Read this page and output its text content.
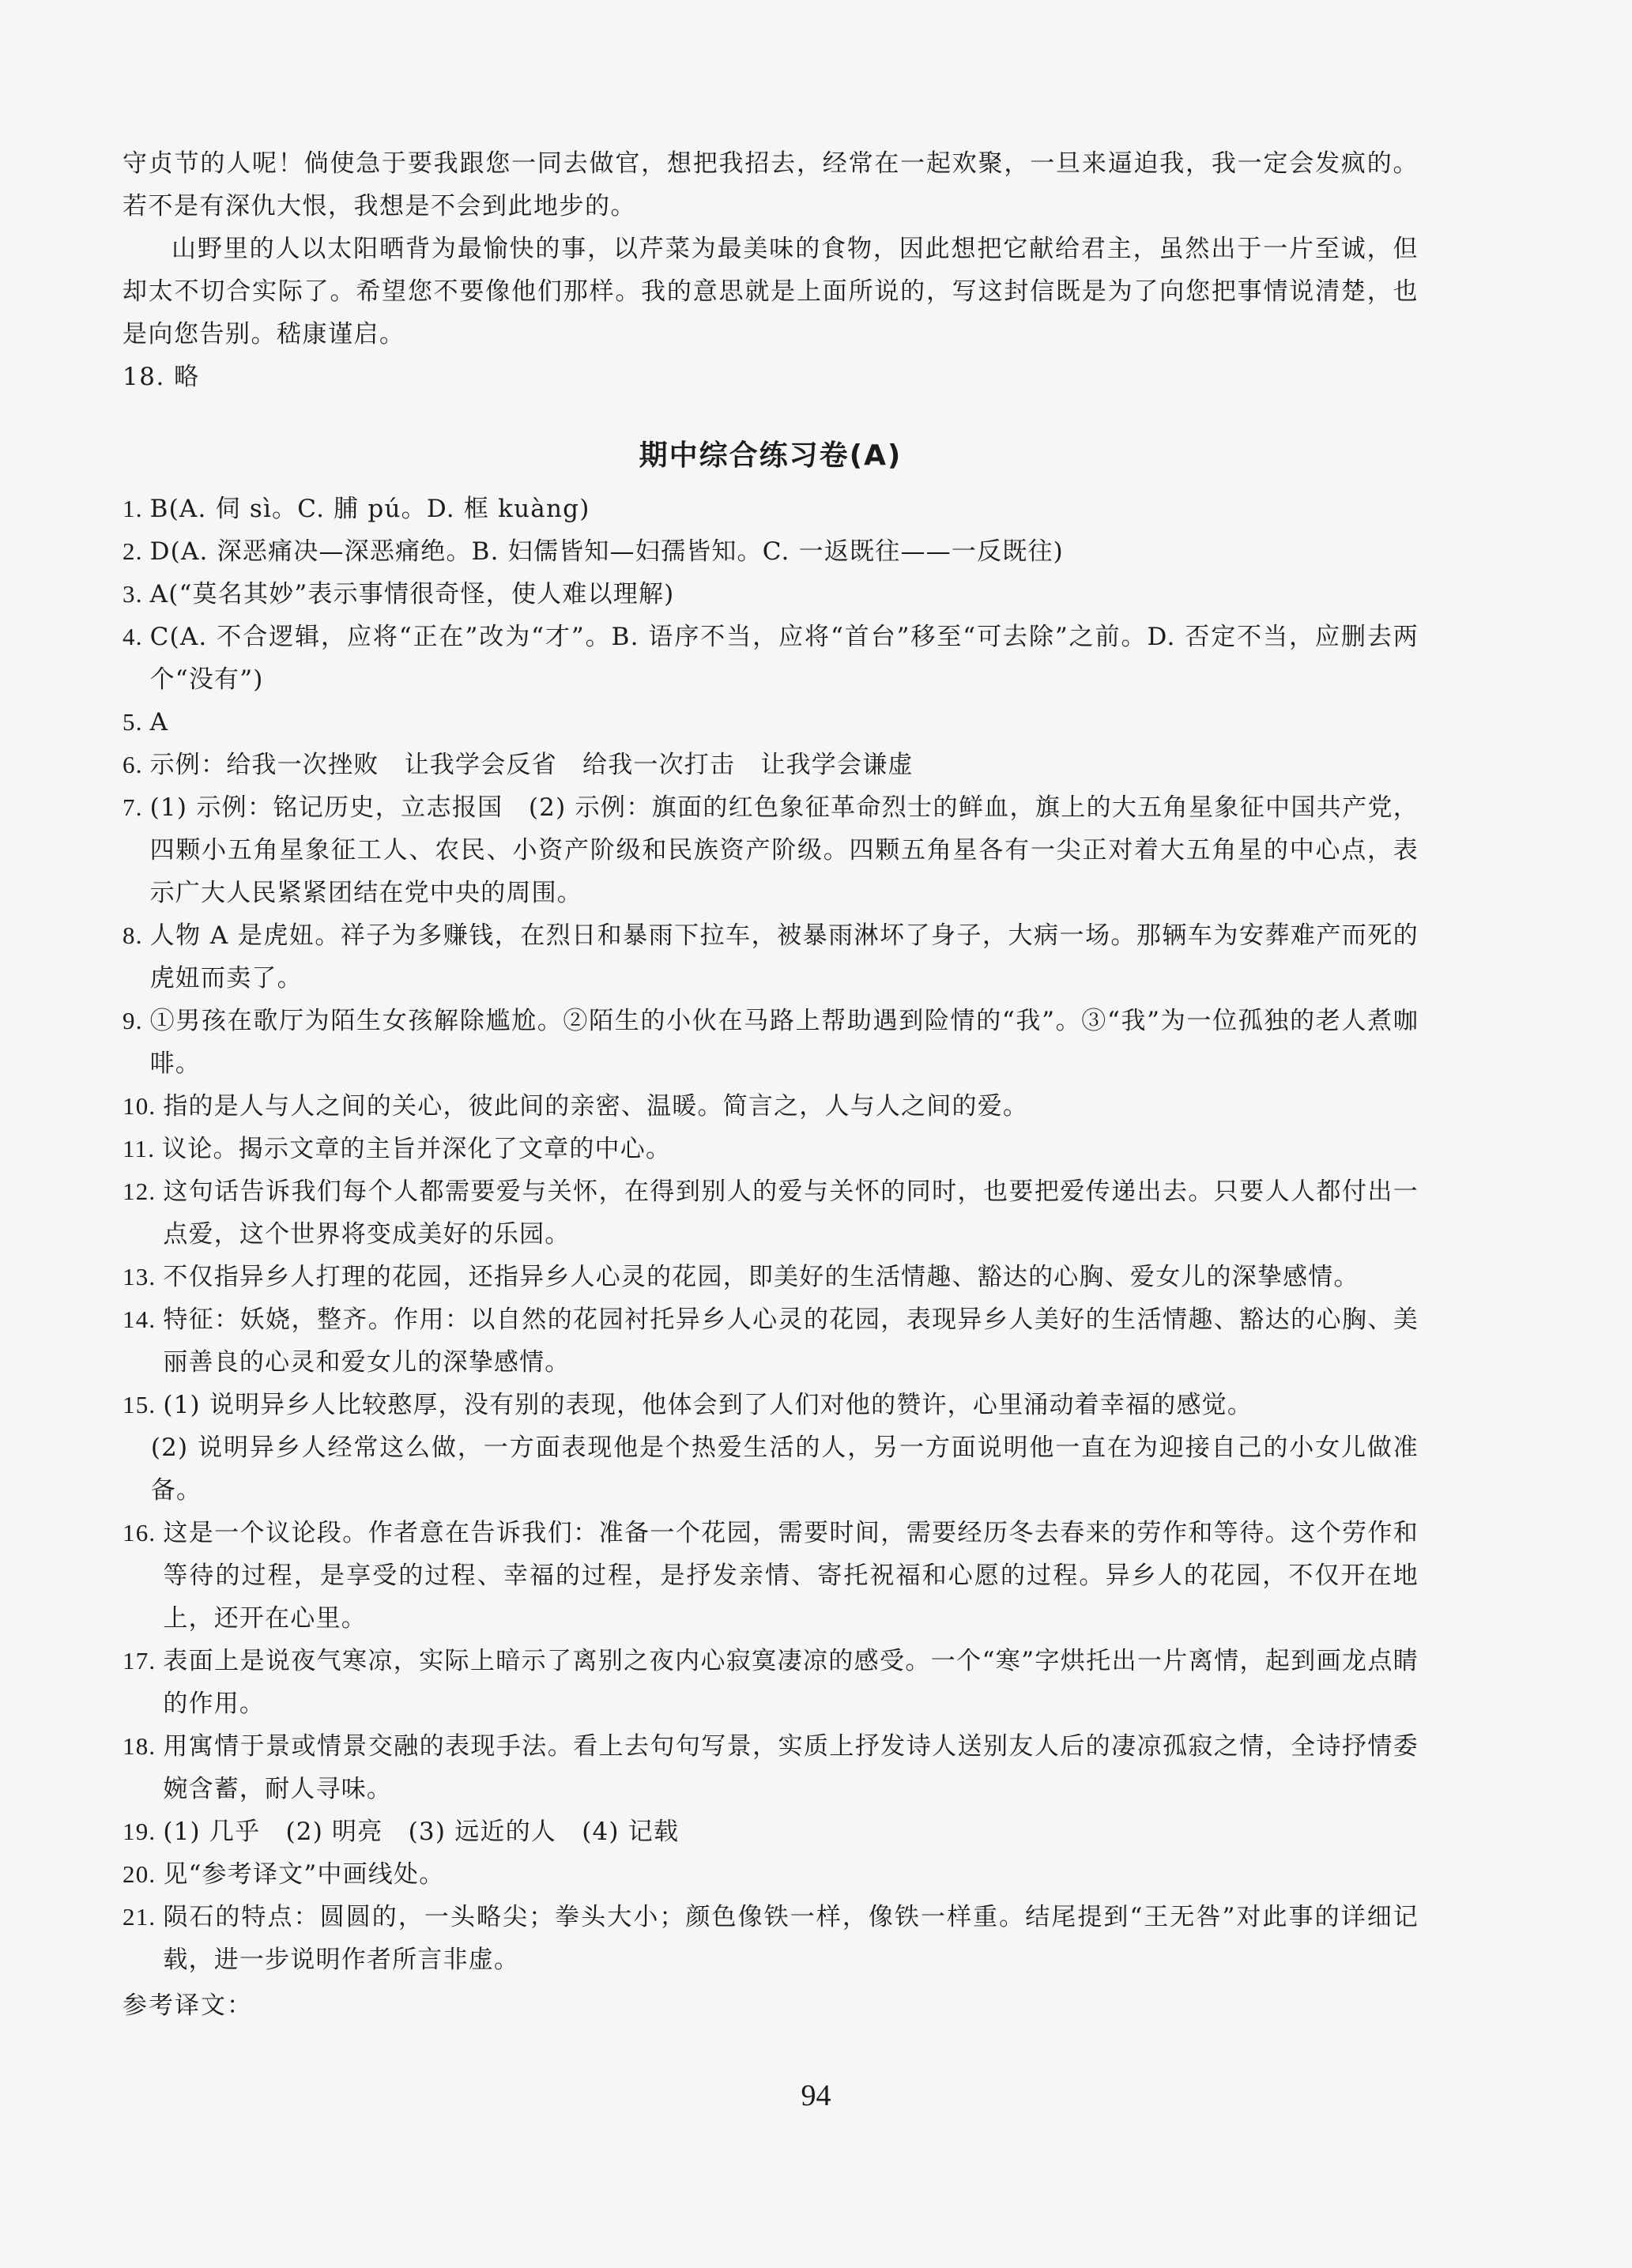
守贞节的人呢！倘使急于要我跟您一同去做官，想把我招去，经常在一起欢聚，一旦来逼迫我，我一定会发疯的。若不是有深仇大恨，我想是不会到此地步的。

山野里的人以太阳晒背为最愉快的事，以芹菜为最美味的食物，因此想把它献给君主，虽然出于一片至诚，但却太不切合实际了。希望您不要像他们那样。我的意思就是上面所说的，写这封信既是为了向您把事情说清楚，也是向您告别。嵇康谨启。

18. 略

期中综合练习卷(A)
1. B(A. 伺 sì。C. 脯 pú。D. 框 kuàng)
2. D(A. 深恶痛决—深恶痛绝。B. 妇儒皆知—妇孺皆知。C. 一返既往——一反既往)
3. A(“莫名其妙”表示事情很奇怪，使人难以理解)
4. C(A. 不合逻辑，应将“正在”改为“才”。B. 语序不当，应将“首台”移至“可去除”之前。D. 否定不当，应删去两个“没有”)
5. A
6. 示例：给我一次挫败　让我学会反省　给我一次打击　让我学会谦虚
7. (1) 示例：铭记历史，立志报国　(2) 示例：旗面的红色象征革命烈士的鲜血，旗上的大五角星象征中国共产党，四颗小五角星象征工人、农民、小资产阶级和民族资产阶级。四颗五角星各有一尖正对着大五角星的中心点，表示广大人民紧紧团结在党中央的周围。
8. 人物 A 是虎妞。祥子为多赚钱，在烈日和暴雨下拉车，被暴雨淋坏了身子，大病一场。那辆车为安葬难产而死的虎妞而卖了。
9. ①男孩在歌厅为陌生女孩解除尴尬。②陌生的小伙在马路上帮助遇到险情的“我”。③“我”为一位孤独的老人煮咖啡。
10. 指的是人与人之间的关心，彼此间的亲密、温暖。简言之，人与人之间的爱。
11. 议论。揭示文章的主旨并深化了文章的中心。
12. 这句话告诉我们每个人都需要爱与关怀，在得到别人的爱与关怀的同时，也要把爱传递出去。只要人人都付出一点爱，这个世界将变成美好的乐园。
13. 不仅指异乡人打理的花园，还指异乡人心灵的花园，即美好的生活情趣、豁达的心胸、爱女儿的深挚感情。
14. 特征：妖娆，整齐。作用：以自然的花园衬托异乡人心灵的花园，表现异乡人美好的生活情趣、豁达的心胸、美丽善良的心灵和爱女儿的深挚感情。
15. (1) 说明异乡人比较憨厚，没有别的表现，他体会到了人们对他的赞许，心里涌动着幸福的感觉。

(2) 说明异乡人经常这么做，一方面表现他是个热爱生活的人，另一方面说明他一直在为迎接自己的小女儿做准备。
16. 这是一个议论段。作者意在告诉我们：准备一个花园，需要时间，需要经历冬去春来的劳作和等待。这个劳作和等待的过程，是享受的过程、幸福的过程，是抒发亲情、寄托祝福和心愿的过程。异乡人的花园，不仅开在地上，还开在心里。
17. 表面上是说夜气寒凉，实际上暗示了离别之夜内心寂寞凄凉的感受。一个“寒”字烘托出一片离情，起到画龙点睛的作用。
18. 用寓情于景或情景交融的表现手法。看上去句句写景，实质上抒发诗人送别友人后的凄凉孤寂之情，全诗抒情委婉含蓄，耐人寻味。
19. (1) 几乎　(2) 明亮　(3) 远近的人　(4) 记载
20. 见“参考译文”中画线处。
21. 陨石的特点：圆圆的，一头略尖；拳头大小；颜色像铁一样，像铁一样重。结尾提到“王无咎”对此事的详细记载，进一步说明作者所言非虚。

参考译文：

94
